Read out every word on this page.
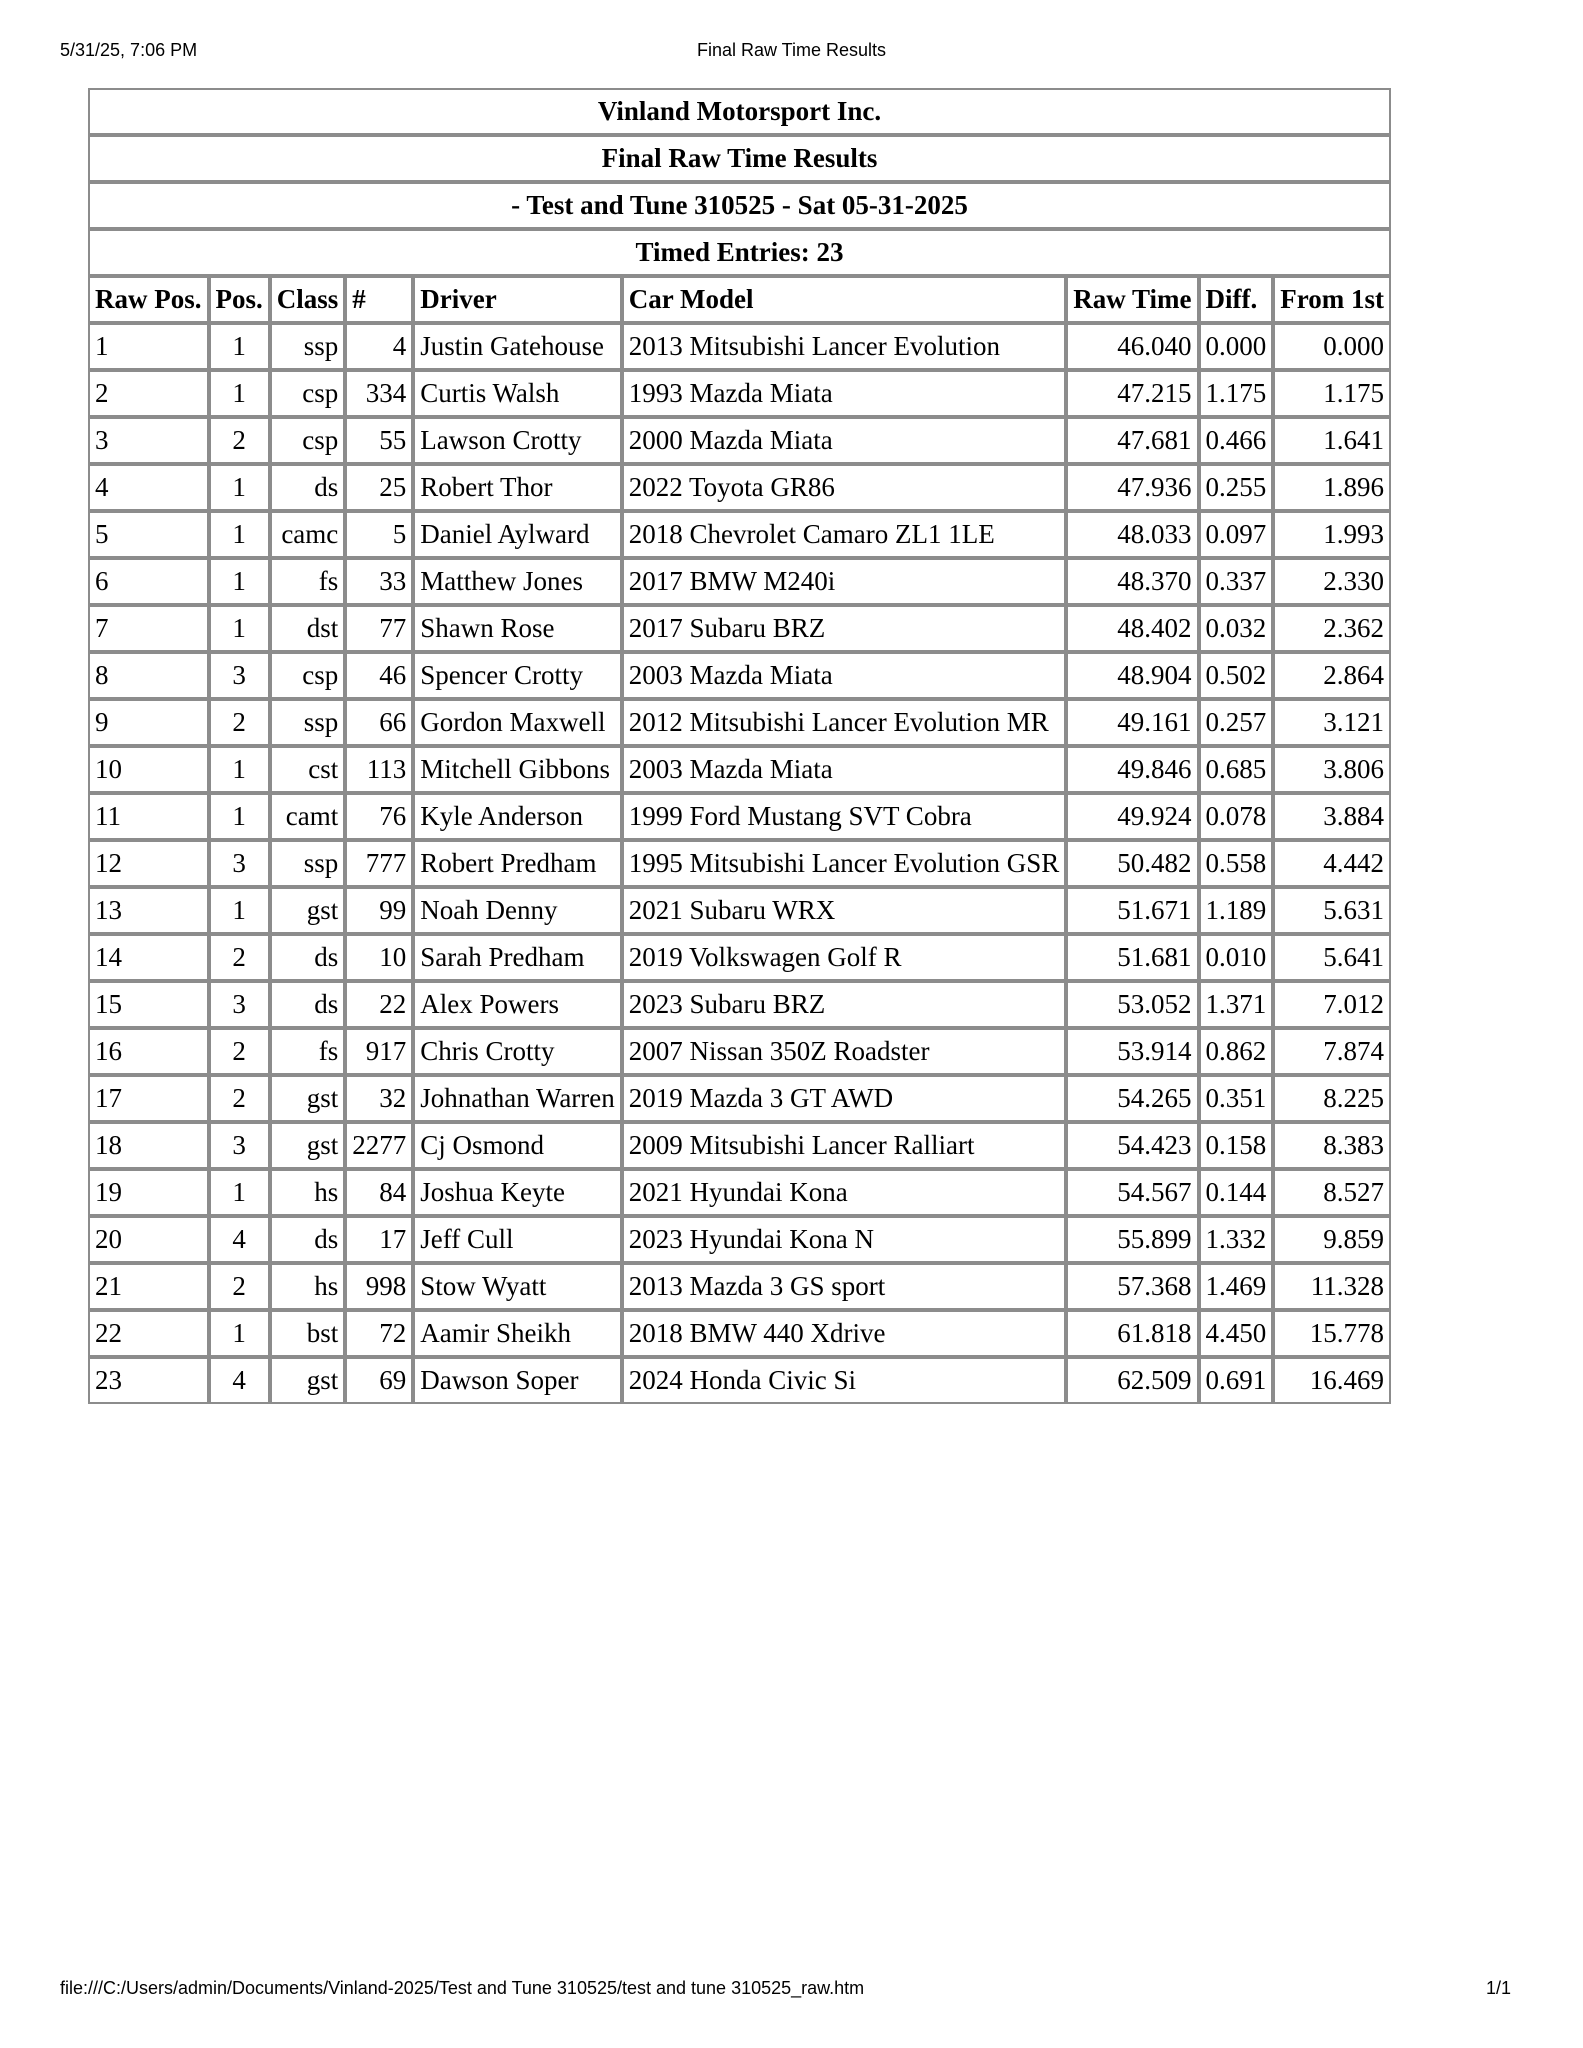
5/31/25, 7:06 PM	Final Raw Time Results
Vinland Motorsport Inc.								
Final Raw Time Results								
- Test and Tune 310525 - Sat 05-31-2025								
Timed Entries: 23								
Raw Pos.	Pos.	Class	#	Driver	Car Model	Raw Time	Diff.	From 1st
1	1	ssp	4	Justin Gatehouse	2013 Mitsubishi Lancer Evolution	46.040	0.000	0.000
2	1	csp	334	Curtis Walsh	1993 Mazda Miata	47.215	1.175	1.175
3	2	csp	55	Lawson Crotty	2000 Mazda Miata	47.681	0.466	1.641
4	1	ds	25	Robert Thor	2022 Toyota GR86	47.936	0.255	1.896
5	1	camc	5	Daniel Aylward	2018 Chevrolet Camaro ZL1 1LE	48.033	0.097	1.993
6	1	fs	33	Matthew Jones	2017 BMW M240i	48.370	0.337	2.330
7	1	dst	77	Shawn Rose	2017 Subaru BRZ	48.402	0.032	2.362
8	3	csp	46	Spencer Crotty	2003 Mazda Miata	48.904	0.502	2.864
9	2	ssp	66	Gordon Maxwell	2012 Mitsubishi Lancer Evolution MR	49.161	0.257	3.121
10	1	cst	113	Mitchell Gibbons	2003 Mazda Miata	49.846	0.685	3.806
11	1	camt	76	Kyle Anderson	1999 Ford Mustang SVT Cobra	49.924	0.078	3.884
12	3	ssp	777	Robert Predham	1995 Mitsubishi Lancer Evolution GSR	50.482	0.558	4.442
13	1	gst	99	Noah Denny	2021 Subaru WRX	51.671	1.189	5.631
14	2	ds	10	Sarah Predham	2019 Volkswagen Golf R	51.681	0.010	5.641
15	3	ds	22	Alex Powers	2023 Subaru BRZ	53.052	1.371	7.012
16	2	fs	917	Chris Crotty	2007 Nissan 350Z Roadster	53.914	0.862	7.874
17	2	gst	32	Johnathan Warren	2019 Mazda 3 GT AWD	54.265	0.351	8.225
18	3	gst	2277	Cj Osmond	2009 Mitsubishi Lancer Ralliart	54.423	0.158	8.383
19	1	hs	84	Joshua Keyte	2021 Hyundai Kona	54.567	0.144	8.527
20	4	ds	17	Jeff Cull	2023 Hyundai Kona N	55.899	1.332	9.859
21	2	hs	998	Stow Wyatt	2013 Mazda 3 GS sport	57.368	1.469	11.328
22	1	bst	72	Aamir Sheikh	2018 BMW 440 Xdrive	61.818	4.450	15.778
23	4	gst	69	Dawson Soper	2024 Honda Civic Si	62.509	0.691	16.469
file:///C:/Users/admin/Documents/Vinland-2025/Test and Tune 310525/test and tune 310525_raw.htm	1/1
